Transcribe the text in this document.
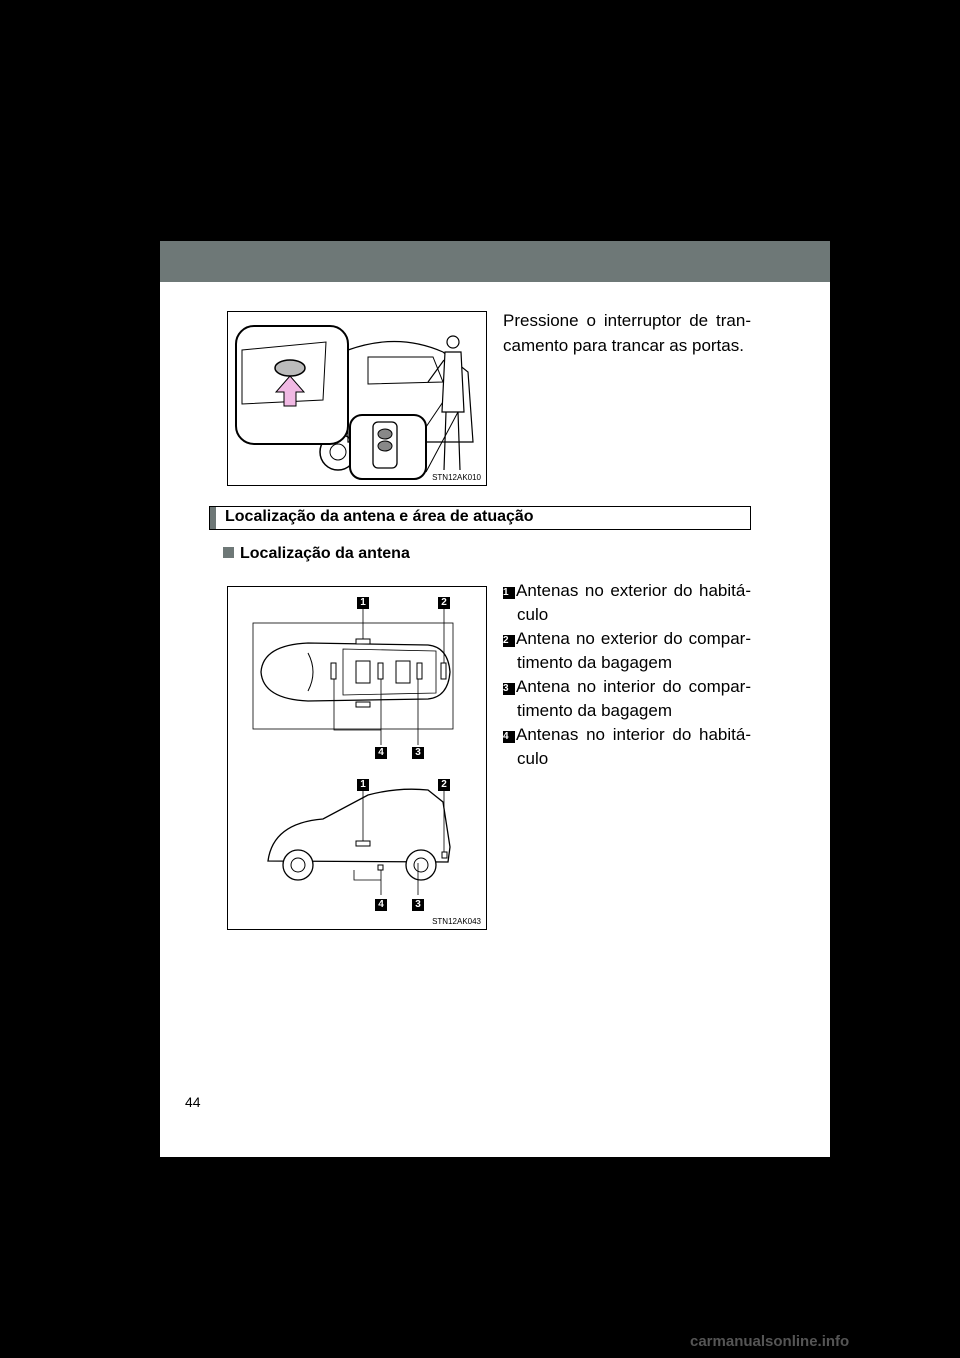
STN12AK010
Pressione o interruptor de tran-
camento para trancar as portas.
Localização da antena e área de atuação
Localização da antena
1	2
4	3
1	2
4	3
STN12AK043
1 Antenas no exterior do habitá-
culo
2 Antena no exterior do compar-
timento da bagagem
3 Antena no interior do compar-
timento da bagagem
4 Antenas no interior do habitá-
culo
44
carmanualsonline.info
